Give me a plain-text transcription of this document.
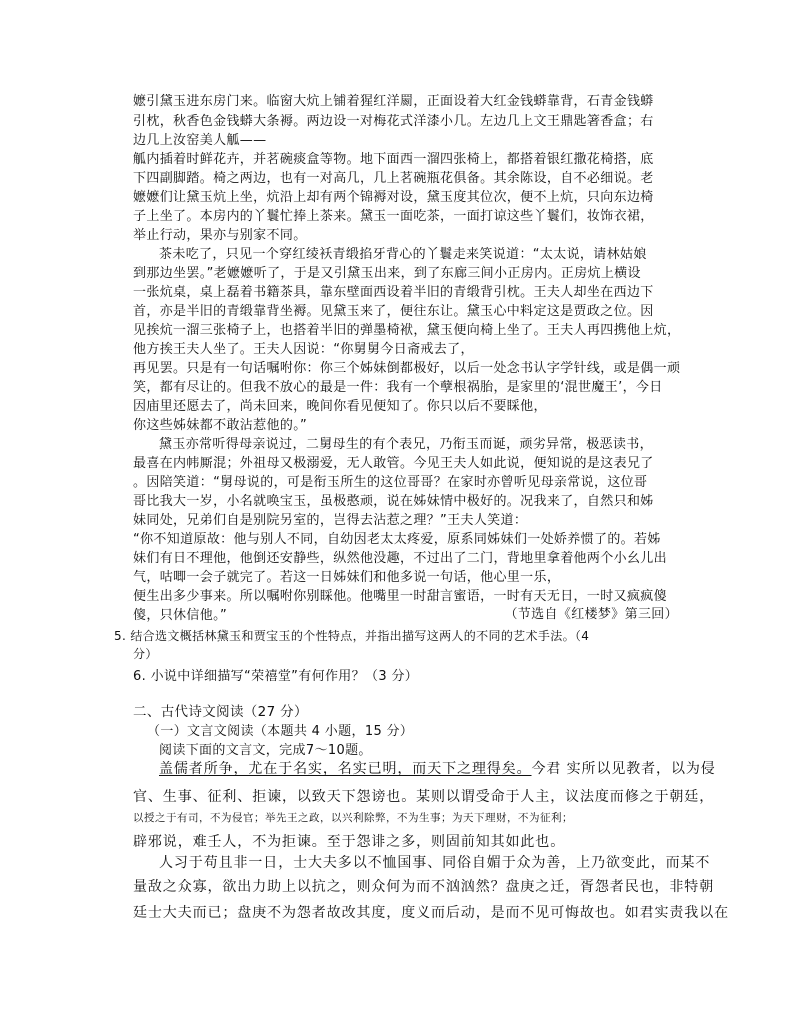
嬷引黛玉进东房门来。临窗大炕上铺着猩红洋罽，正面设着大红金钱蟒靠背，石青金钱蟒
引枕，秋香色金钱蟒大条褥。两边设一对梅花式洋漆小几。左边几上文王鼎匙箸香盒；右
边几上汝窑美人觚——
觚内插着时鲜花卉，并茗碗痰盒等物。地下面西一溜四张椅上，都搭着银红撒花椅搭，底
下四副脚踏。椅之两边，也有一对高几，几上茗碗瓶花俱备。其余陈设，自不必细说。老
嬷嬷们让黛玉炕上坐，炕沿上却有两个锦褥对设，黛玉度其位次，便不上炕，只向东边椅
子上坐了。本房内的丫鬟忙捧上茶来。黛玉一面吃茶，一面打谅这些丫鬟们，妆饰衣裙，
举止行动，果亦与别家不同。
茶未吃了，只见一个穿红绫袄青缎掐牙背心的丫鬟走来笑说道：“太太说，请林姑娘
到那边坐罢。”老嬷嬷听了，于是又引黛玉出来，到了东廊三间小正房内。正房炕上横设
一张炕桌，桌上磊着书籍茶具，靠东壁面西设着半旧的青缎背引枕。王夫人却坐在西边下
首，亦是半旧的青缎靠背坐褥。见黛玉来了，便往东让。黛玉心中料定这是贾政之位。因
见挨炕一溜三张椅子上，也搭着半旧的弹墨椅袱，黛玉便向椅上坐了。王夫人再四携他上炕，
他方挨王夫人坐了。王夫人因说：“你舅舅今日斋戒去了，
再见罢。只是有一句话嘱咐你：你三个姊妹倒都极好，以后一处念书认字学针线，或是偶一顽
笑，都有尽让的。但我不放心的最是一件：我有一个孽根祸胎，是家里的‘混世魔王’，今日
因庙里还愿去了，尚未回来，晚间你看见便知了。你只以后不要睬他，
你这些姊妹都不敢沾惹他的。”
黛玉亦常听得母亲说过，二舅母生的有个表兄，乃衔玉而诞，顽劣异常，极恶读书，
最喜在内帏厮混；外祖母又极溺爱，无人敢管。今见王夫人如此说，便知说的是这表兄了
。因陪笑道：“舅母说的，可是衔玉所生的这位哥哥？在家时亦曾听见母亲常说，这位哥
哥比我大一岁，小名就唤宝玉，虽极憨顽，说在姊妹情中极好的。况我来了，自然只和姊
妹同处，兄弟们自是别院另室的，岂得去沾惹之理？”王夫人笑道：
“你不知道原故：他与别人不同，自幼因老太太疼爱，原系同姊妹们一处娇养惯了的。若姊
妹们有日不理他，他倒还安静些，纵然他没趣，不过出了二门，背地里拿着他两个小幺儿出
气，咕唧一会子就完了。若这一日姊妹们和他多说一句话，他心里一乐，
便生出多少事来。所以嘱咐你别睬他。他嘴里一时甜言蜜语，一时有天无日，一时又疯疯傻
傻，只休信他。”	（节选自《红楼梦》第三回）
5. 结合选文概括林黛玉和贾宝玉的个性特点，并指出描写这两人的不同的艺术手法。（4
分）
6. 小说中详细描写“荣禧堂”有何作用？（3 分）
二、古代诗文阅读（27 分）
（一）文言文阅读（本题共 4 小题，15 分）
阅读下面的文言文，完成7～10题。
盖儒者所争，尤在于名实，名实已明，而天下之理得矣。今君 实所以见教者，以为侵
官、生事、征利、拒谏，以致天下怨谤也。某则以谓受命于人主，议法度而修之于朝廷，
以授之于有司，不为侵官；举先王之政，以兴利除弊，不为生事；为天下理财，不为征利；
辟邪说，难壬人，不为拒谏。至于怨诽之多，则固前知其如此也。
人习于苟且非一日，士大夫多以不恤国事、同俗自媚于众为善，上乃欲变此，而某不
量敌之众寡，欲出力助上以抗之，则众何为而不汹汹然？盘庚之迁，胥怨者民也，非特朝
廷士大夫而已；盘庚不为怨者故改其度，度义而后动，是而不见可悔故也。如君实责我以在
